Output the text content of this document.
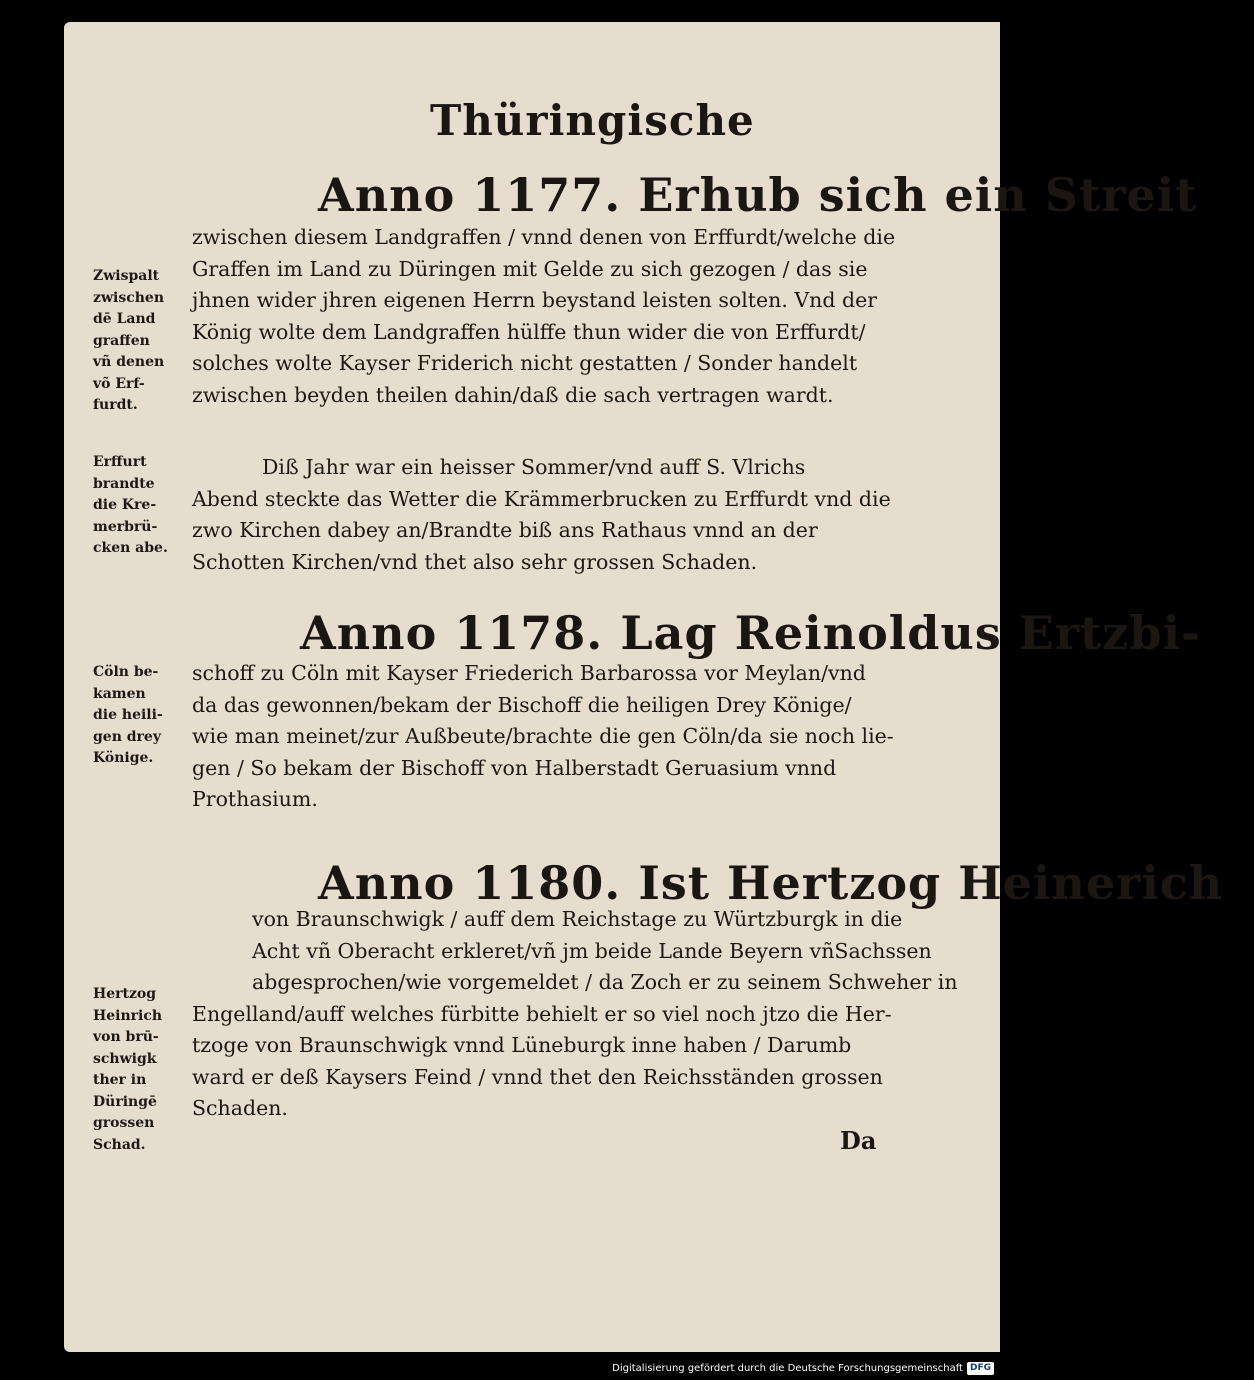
Thüringische
Anno 1177. Erhub sich ein Streit
zwischen diesem Landgraffen / vnnd denen von Erffurdt/welche die
Graffen im Land zu Düringen mit Gelde zu sich gezogen / das sie
jhnen wider jhren eigenen Herrn beystand leisten solten. Vnd der
König wolte dem Landgraffen hülffe thun wider die von Erffurdt/
solches wolte Kayser Friderich nicht gestatten / Sonder handelt
zwischen beyden theilen dahin/daß die sach vertragen wardt.
Zwispalt
zwischen
dē Land
graffen
vñ denen
võ Erf-
furdt.
Diß Jahr war ein heisser Sommer/vnd auff S. Vlrichs
Abend steckte das Wetter die Krämmerbrucken zu Erffurdt vnd die
zwo Kirchen dabey an/Brandte biß ans Rathaus vnnd an der
Schotten Kirchen/vnd thet also sehr grossen Schaden.
Erffurt
brandte
die Kre-
merbrü-
cken abe.
Anno 1178. Lag Reinoldus Ertzbi-
schoff zu Cöln mit Kayser Friederich Barbarossa vor Meylan/vnd
da das gewonnen/bekam der Bischoff die heiligen Drey Könige/
wie man meinet/zur Außbeute/brachte die gen Cöln/da sie noch lie-
gen / So bekam der Bischoff von Halberstadt Geruasium vnnd
Prothasium.
Cöln be-
kamen
die heili-
gen drey
Könige.
Anno 1180. Ist Hertzog Heinerich
von Braunschwigk / auff dem Reichstage zu Würtzburgk in die
Acht vñ Oberacht erkleret/vñ jm beide Lande Beyern vñSachssen
abgesprochen/wie vorgemeldet / da Zoch er zu seinem Schweher in
Engelland/auff welches fürbitte behielt er so viel noch jtzo die Her-
tzoge von Braunschwigk vnnd Lüneburgk inne haben / Darumb
ward er deß Kaysers Feind / vnnd thet den Reichsständen grossen
Schaden.
Hertzog
Heinrich
von brū-
schwigk
ther in
Düringē
grossen
Schad.	Da
Digitalisierung gefördert durch die Deutsche Forschungsgemeinschaft DFG
